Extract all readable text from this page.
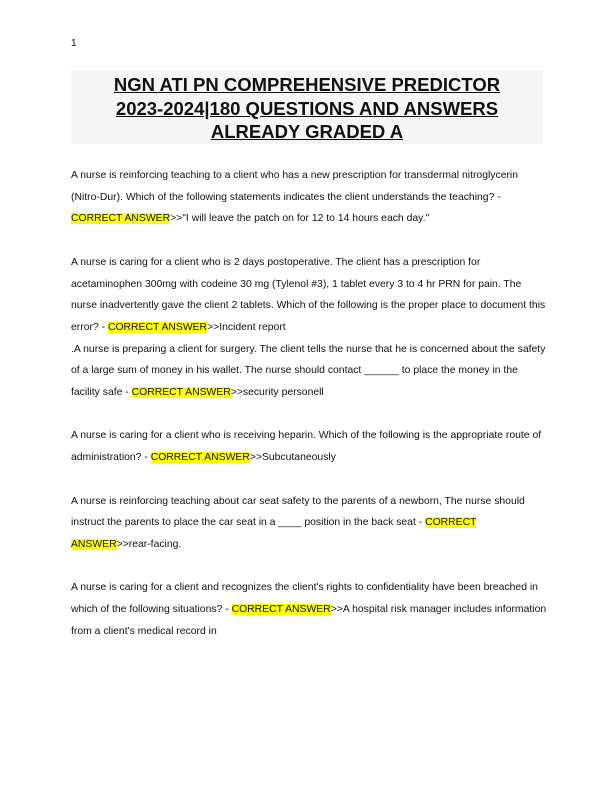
1
NGN ATI PN COMPREHENSIVE PREDICTOR
2023-2024|180 QUESTIONS AND ANSWERS
ALREADY GRADED A

A nurse is reinforcing teaching to a client who has a new prescription for transdermal nitroglycerin (Nitro-Dur). Which of the following statements indicates the client understands the teaching? - CORRECT ANSWER>>"I will leave the patch on for 12 to 14 hours each day."

A nurse is caring for a client who is 2 days postoperative. The client has a prescription for acetaminophen 300mg with codeine 30 mg (Tylenol #3), 1 tablet every 3 to 4 hr PRN for pain. The nurse inadvertently gave the client 2 tablets. Which of the following is the proper place to document this error? - CORRECT ANSWER>>Incident report

.A nurse is preparing a client for surgery. The client tells the nurse that he is concerned about the safety of a large sum of money in his wallet. The nurse should contact ______ to place the money in the facility safe - CORRECT ANSWER>>security personell

A nurse is caring for a client who is receiving heparin. Which of the following is the appropriate route of administration? - CORRECT ANSWER>>Subcutaneously

A nurse is reinforcing teaching about car seat safety to the parents of a newborn, The nurse should instruct the parents to place the car seat in a ____ position in the back seat - CORRECT ANSWER>>rear-facing.

A nurse is caring for a client and recognizes the client's rights to confidentiality have been breached in which of the following situations? - CORRECT ANSWER>>A hospital risk manager includes information from a client's medical record in
